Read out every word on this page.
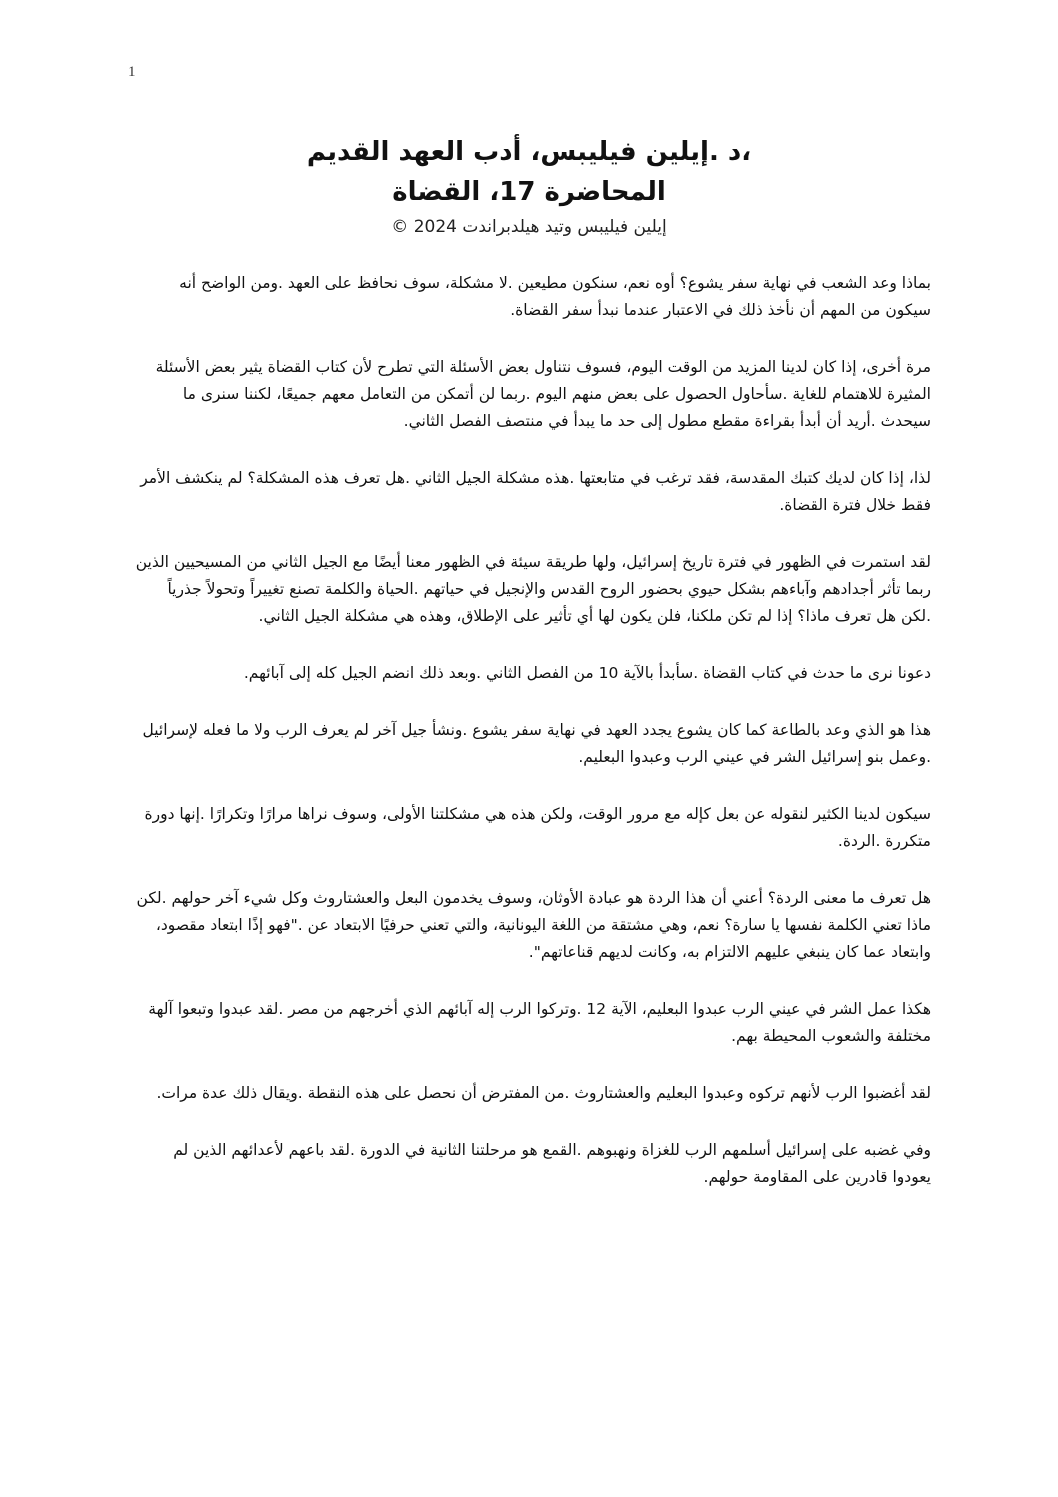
1

،د .إيلين فيليبس، أدب العهد القديم

المحاضرة 17، القضاة

إيلين فيليبس وتيد هيلدبراندت 2024 ©

بماذا وعد الشعب في نهاية سفر يشوع؟ أوه نعم، سنكون مطيعين .لا مشكلة، سوف نحافظ على العهد .ومن الواضح أنه سيكون من المهم أن نأخذ ذلك في الاعتبار عندما نبدأ سفر القضاة.

مرة أخرى، إذا كان لدينا المزيد من الوقت اليوم، فسوف نتناول بعض الأسئلة التي تطرح لأن كتاب القضاة يثير بعض الأسئلة المثيرة للاهتمام للغاية .سأحاول الحصول على بعض منهم اليوم .ربما لن أتمكن من التعامل معهم جميعًا، لكننا سنرى ما سيحدث .أريد أن أبدأ بقراءة مقطع مطول إلى حد ما يبدأ في منتصف الفصل الثاني.

لذا، إذا كان لديك كتبك المقدسة، فقد ترغب في متابعتها .هذه مشكلة الجيل الثاني .هل تعرف هذه المشكلة؟ لم ينكشف الأمر فقط خلال فترة القضاة.

لقد استمرت في الظهور في فترة تاريخ إسرائيل، ولها طريقة سيئة في الظهور معنا أيضًا مع الجيل الثاني من المسيحيين الذين ربما تأثر أجدادهم وآباءهم بشكل حيوي بحضور الروح القدس والإنجيل في حياتهم .الحياة والكلمة تصنع تغييراً وتحولاً جذرياً .لكن هل تعرف ماذا؟ إذا لم تكن ملكنا، فلن يكون لها أي تأثير على الإطلاق، وهذه هي مشكلة الجيل الثاني.

دعونا نرى ما حدث في كتاب القضاة .سأبدأ بالآية 10 من الفصل الثاني .وبعد ذلك انضم الجيل كله إلى آبائهم.

هذا هو الذي وعد بالطاعة كما كان يشوع يجدد العهد في نهاية سفر يشوع .ونشأ جيل آخر لم يعرف الرب ولا ما فعله لإسرائيل .وعمل بنو إسرائيل الشر في عيني الرب وعبدوا البعليم.

سيكون لدينا الكثير لنقوله عن بعل كإله مع مرور الوقت، ولكن هذه هي مشكلتنا الأولى، وسوف نراها مرارًا وتكرارًا .إنها دورة متكررة .الردة.

هل تعرف ما معنى الردة؟ أعني أن هذا الردة هو عبادة الأوثان، وسوف يخدمون البعل والعشتاروث وكل شيء آخر حولهم .لكن ماذا تعني الكلمة نفسها يا سارة؟ نعم، وهي مشتقة من اللغة اليونانية، والتي تعني حرفيًا الابتعاد عن ."فهو إذًا ابتعاد مقصود، وابتعاد عما كان ينبغي عليهم الالتزام به، وكانت لديهم قناعاتهم".

هكذا عمل الشر في عيني الرب عبدوا البعليم، الآية 12 .وتركوا الرب إله آبائهم الذي أخرجهم من مصر .لقد عبدوا وتبعوا آلهة مختلفة والشعوب المحيطة بهم.

لقد أغضبوا الرب لأنهم تركوه وعبدوا البعليم والعشتاروث .من المفترض أن نحصل على هذه النقطة .ويقال ذلك عدة مرات.

وفي غضبه على إسرائيل أسلمهم الرب للغزاة ونهبوهم .القمع هو مرحلتنا الثانية في الدورة .لقد باعهم لأعدائهم الذين لم يعودوا قادرين على المقاومة حولهم.
